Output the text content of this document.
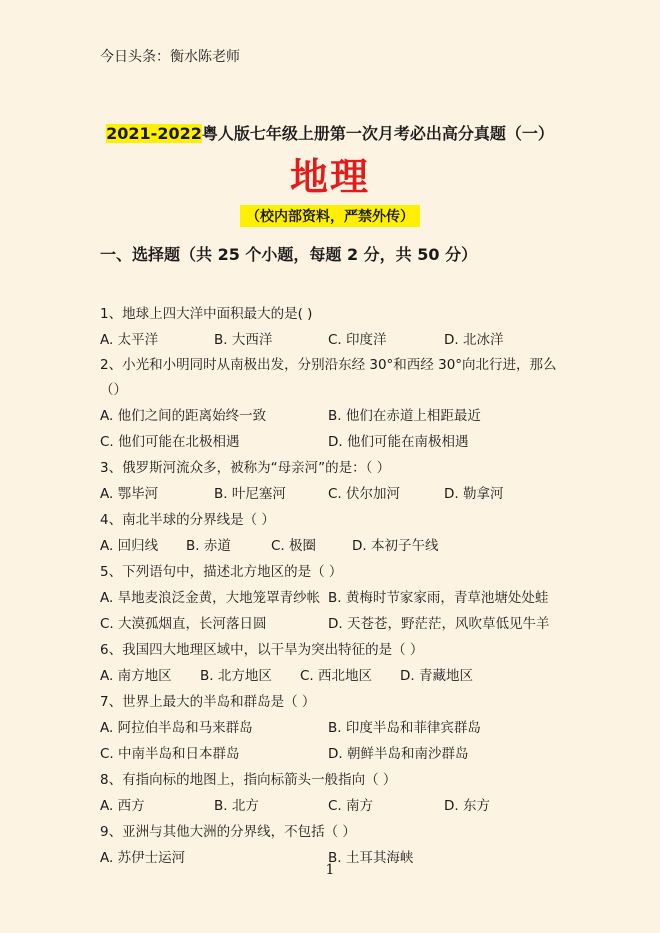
今日头条：衡水陈老师
2021-2022粤人版七年级上册第一次月考必出高分真题（一）
地理
（校内部资料，严禁外传）
一、选择题（共 25 个小题，每题 2 分，共 50 分）
1、地球上四大洋中面积最大的是( )
A. 太平洋	B. 大西洋	C. 印度洋	D. 北冰洋
2、小光和小明同时从南极出发，分别沿东经 30°和西经 30°向北行进，那么
（）
A. 他们之间的距离始终一致	B. 他们在赤道上相距最近
C. 他们可能在北极相遇	D. 他们可能在南极相遇
3、俄罗斯河流众多，被称为“母亲河”的是：（ ）
A. 鄂毕河	B. 叶尼塞河	C. 伏尔加河	D. 勒拿河
4、南北半球的分界线是（ ）
A. 回归线 B. 赤道	C. 极圈	D. 本初子午线
5、下列语句中，描述北方地区的是（ ）
A. 旱地麦浪泛金黄，大地笼罩青纱帐 B. 黄梅时节家家雨，青草池塘处处蛙
C. 大漠孤烟直，长河落日圆	D. 天苍苍，野茫茫，风吹草低见牛羊
6、我国四大地理区域中，以干旱为突出特征的是（ ）
A. 南方地区 B. 北方地区 C. 西北地区 D. 青藏地区
7、世界上最大的半岛和群岛是（ ）
A. 阿拉伯半岛和马来群岛	B. 印度半岛和菲律宾群岛
C. 中南半岛和日本群岛	D. 朝鲜半岛和南沙群岛
8、有指向标的地图上，指向标箭头一般指向（ ）
A. 西方	B. 北方	C. 南方	D. 东方
9、亚洲与其他大洲的分界线，不包括（ ）
A. 苏伊士运河	B. 土耳其海峡
1
